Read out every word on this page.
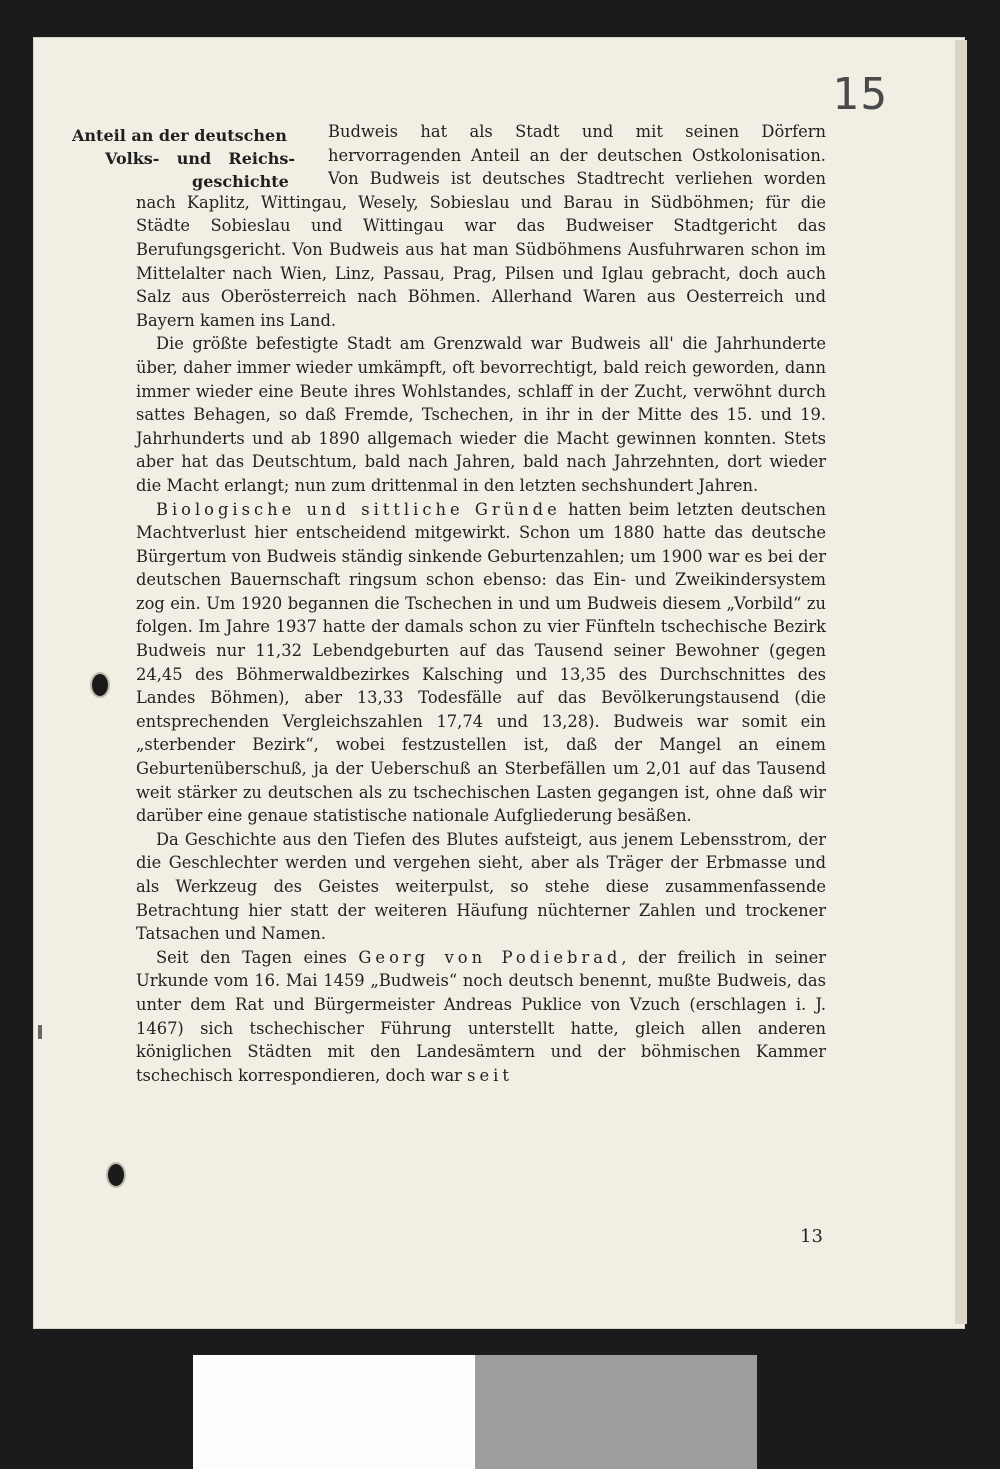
15
Anteil an der deutschen
Volks- und Reichs-
geschichte

Budweis hat als Stadt und mit seinen Dörfern hervorragenden Anteil an der deutschen Ostkolonisation. Von Budweis ist deutsches Stadtrecht verliehen worden nach Kaplitz, Wittingau, Wesely, Sobieslau und Barau in Südböhmen; für die Städte Sobieslau und Wittingau war das Budweiser Stadtgericht das Berufungsgericht. Von Budweis aus hat man Südböhmens Ausfuhrwaren schon im Mittelalter nach Wien, Linz, Passau, Prag, Pilsen und Iglau gebracht, doch auch Salz aus Oberösterreich nach Böhmen. Allerhand Waren aus Oesterreich und Bayern kamen ins Land.

Die größte befestigte Stadt am Grenzwald war Budweis all' die Jahrhunderte über, daher immer wieder umkämpft, oft bevorrechtigt, bald reich geworden, dann immer wieder eine Beute ihres Wohlstandes, schlaff in der Zucht, verwöhnt durch sattes Behagen, so daß Fremde, Tschechen, in ihr in der Mitte des 15. und 19. Jahrhunderts und ab 1890 allgemach wieder die Macht gewinnen konnten. Stets aber hat das Deutschtum, bald nach Jahren, bald nach Jahrzehnten, dort wieder die Macht erlangt; nun zum drittenmal in den letzten sechshundert Jahren.

Biologische und sittliche Gründe hatten beim letzten deutschen Machtverlust hier entscheidend mitgewirkt. Schon um 1880 hatte das deutsche Bürgertum von Budweis ständig sinkende Geburtenzahlen; um 1900 war es bei der deutschen Bauernschaft ringsum schon ebenso: das Ein- und Zweikindersystem zog ein. Um 1920 begannen die Tschechen in und um Budweis diesem „Vorbild“ zu folgen. Im Jahre 1937 hatte der damals schon zu vier Fünfteln tschechische Bezirk Budweis nur 11,32 Lebendgeburten auf das Tausend seiner Bewohner (gegen 24,45 des Böhmerwaldbezirkes Kalsching und 13,35 des Durchschnittes des Landes Böhmen), aber 13,33 Todesfälle auf das Bevölkerungstausend (die entsprechenden Vergleichszahlen 17,74 und 13,28). Budweis war somit ein „sterbender Bezirk“, wobei festzustellen ist, daß der Mangel an einem Geburtenüberschuß, ja der Ueberschuß an Sterbefällen um 2,01 auf das Tausend weit stärker zu deutschen als zu tschechischen Lasten gegangen ist, ohne daß wir darüber eine genaue statistische nationale Aufgliederung besäßen.

Da Geschichte aus den Tiefen des Blutes aufsteigt, aus jenem Lebensstrom, der die Geschlechter werden und vergehen sieht, aber als Träger der Erbmasse und als Werkzeug des Geistes weiterpulst, so stehe diese zusammenfassende Betrachtung hier statt der weiteren Häufung nüchterner Zahlen und trockener Tatsachen und Namen.

Seit den Tagen eines Georg von Podiebrad, der freilich in seiner Urkunde vom 16. Mai 1459 „Budweis“ noch deutsch benennt, mußte Budweis, das unter dem Rat und Bürgermeister Andreas Puklice von Vzuch (erschlagen i. J. 1467) sich tschechischer Führung unterstellt hatte, gleich allen anderen königlichen Städten mit den Landesämtern und der böhmischen Kammer tschechisch korrespondieren, doch war seit

13
